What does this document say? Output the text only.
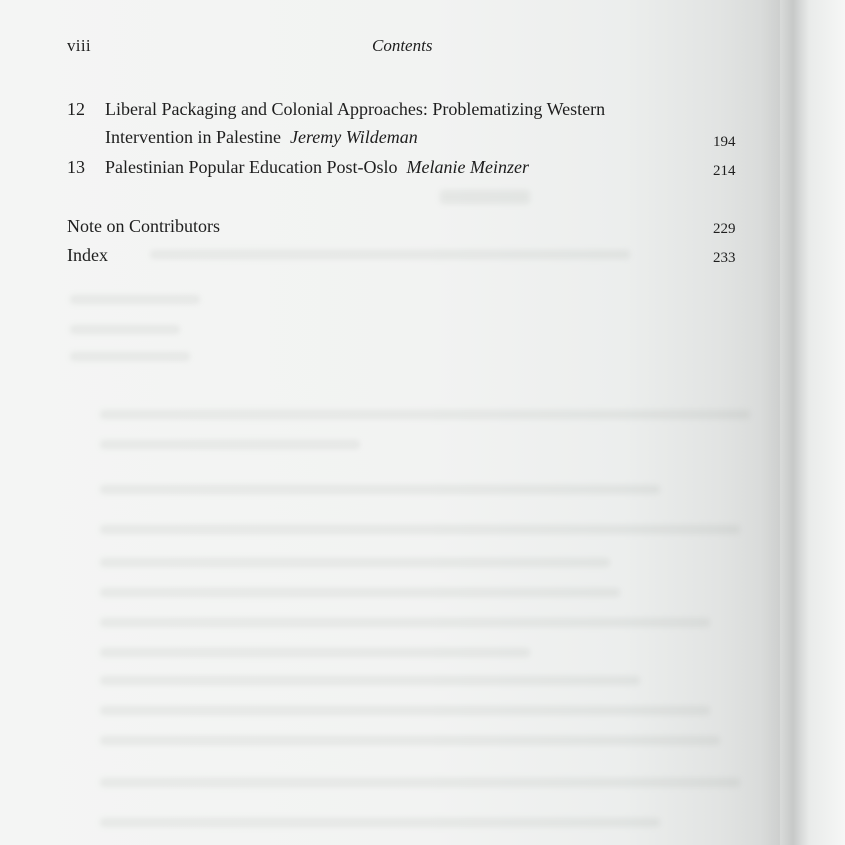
viii	Contents
12 Liberal Packaging and Colonial Approaches: Problematizing Western
Intervention in Palestine Jeremy Wildeman	194
13 Palestinian Popular Education Post-Oslo Melanie Meinzer	214
Note on Contributors	229
Index	233
